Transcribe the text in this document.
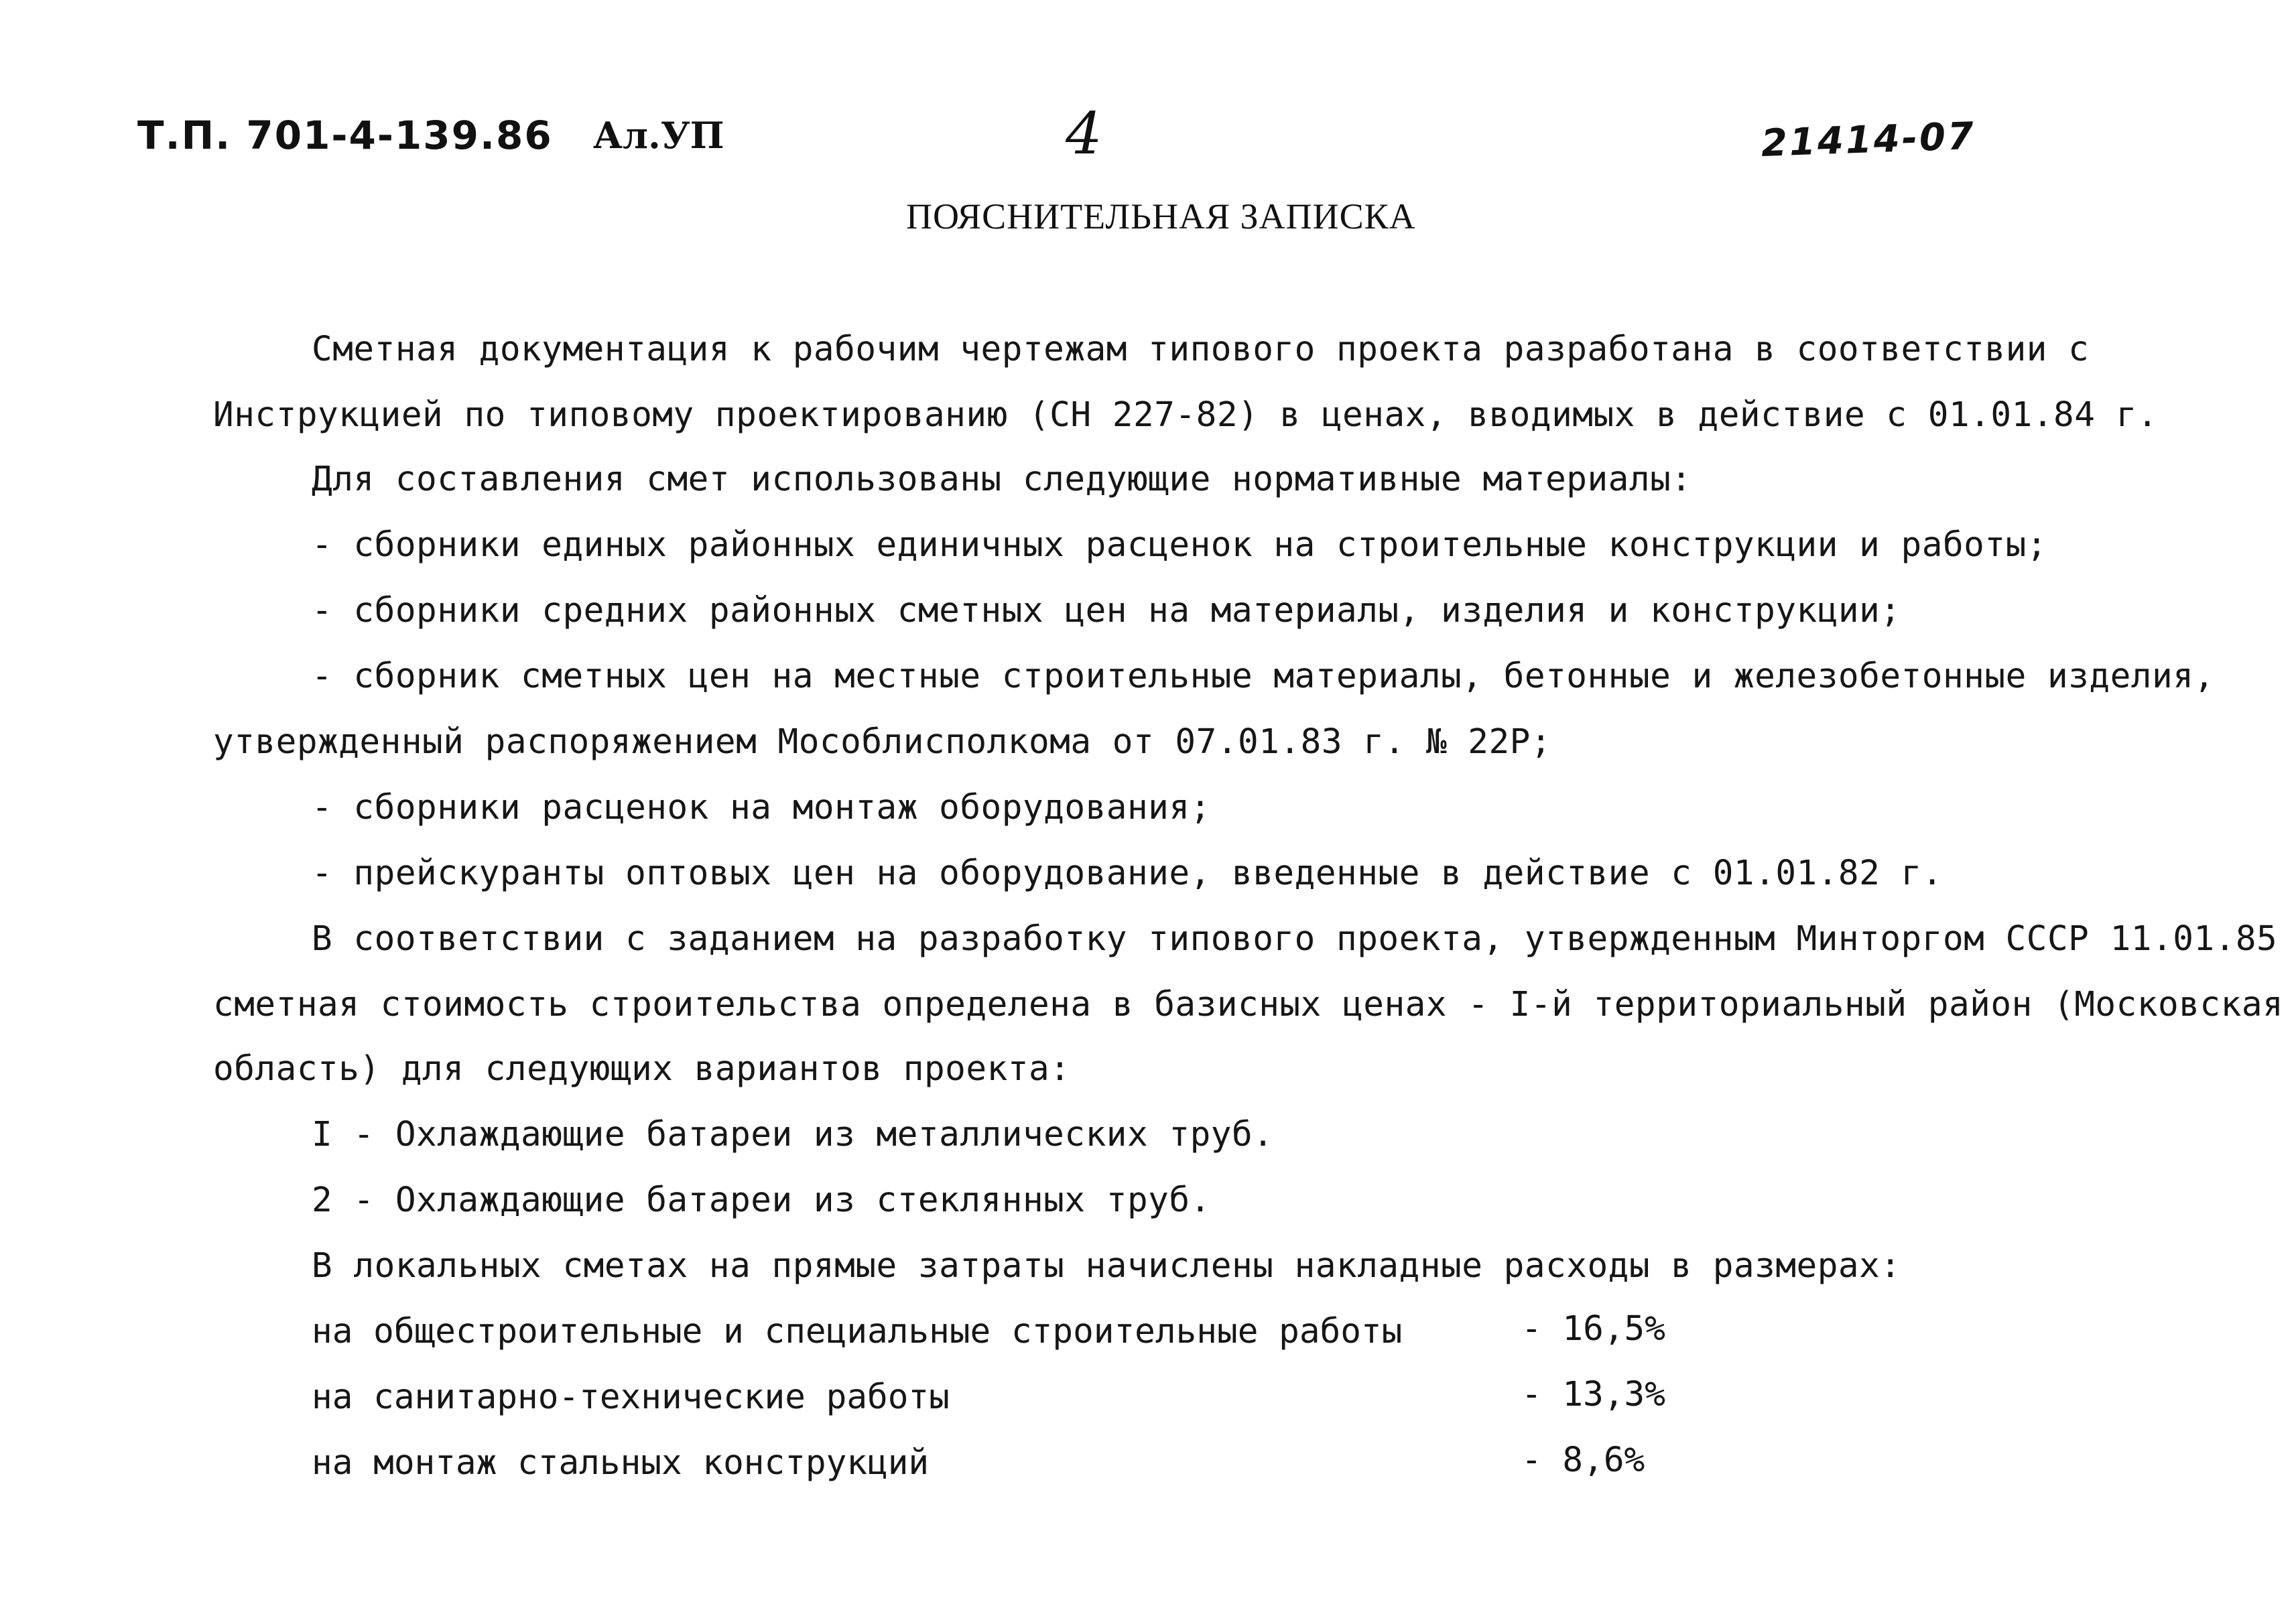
Т.П. 701-4-139.86 Ал.УП	4	21414-07
ПОЯСНИТЕЛЬНАЯ ЗАПИСКА
Сметная документация к рабочим чертежам типового проекта разработана в соответствии с
Инструкцией по типовому проектированию (СН 227-82) в ценах, вводимых в действие с 01.01.84 г.
Для составления смет использованы следующие нормативные материалы:
- сборники единых районных единичных расценок на строительные конструкции и работы;
- сборники средних районных сметных цен на материалы, изделия и конструкции;
- сборник сметных цен на местные строительные материалы, бетонные и железобетонные изделия,
утвержденный распоряжением Мособлисполкома от 07.01.83 г. № 22Р;
- сборники расценок на монтаж оборудования;
- прейскуранты оптовых цен на оборудование, введенные в действие с 01.01.82 г.
В соответствии с заданием на разработку типового проекта, утвержденным Минторгом СССР 11.01.85
сметная стоимость строительства определена в базисных ценах - I-й территориальный район (Московская
область) для следующих вариантов проекта:
I - Охлаждающие батареи из металлических труб.
2 - Охлаждающие батареи из стеклянных труб.
В локальных сметах на прямые затраты начислены накладные расходы в размерах:
на общестроительные и специальные строительные работы	- 16,5%
на санитарно-технические работы	- 13,3%
на монтаж стальных конструкций	- 8,6%
